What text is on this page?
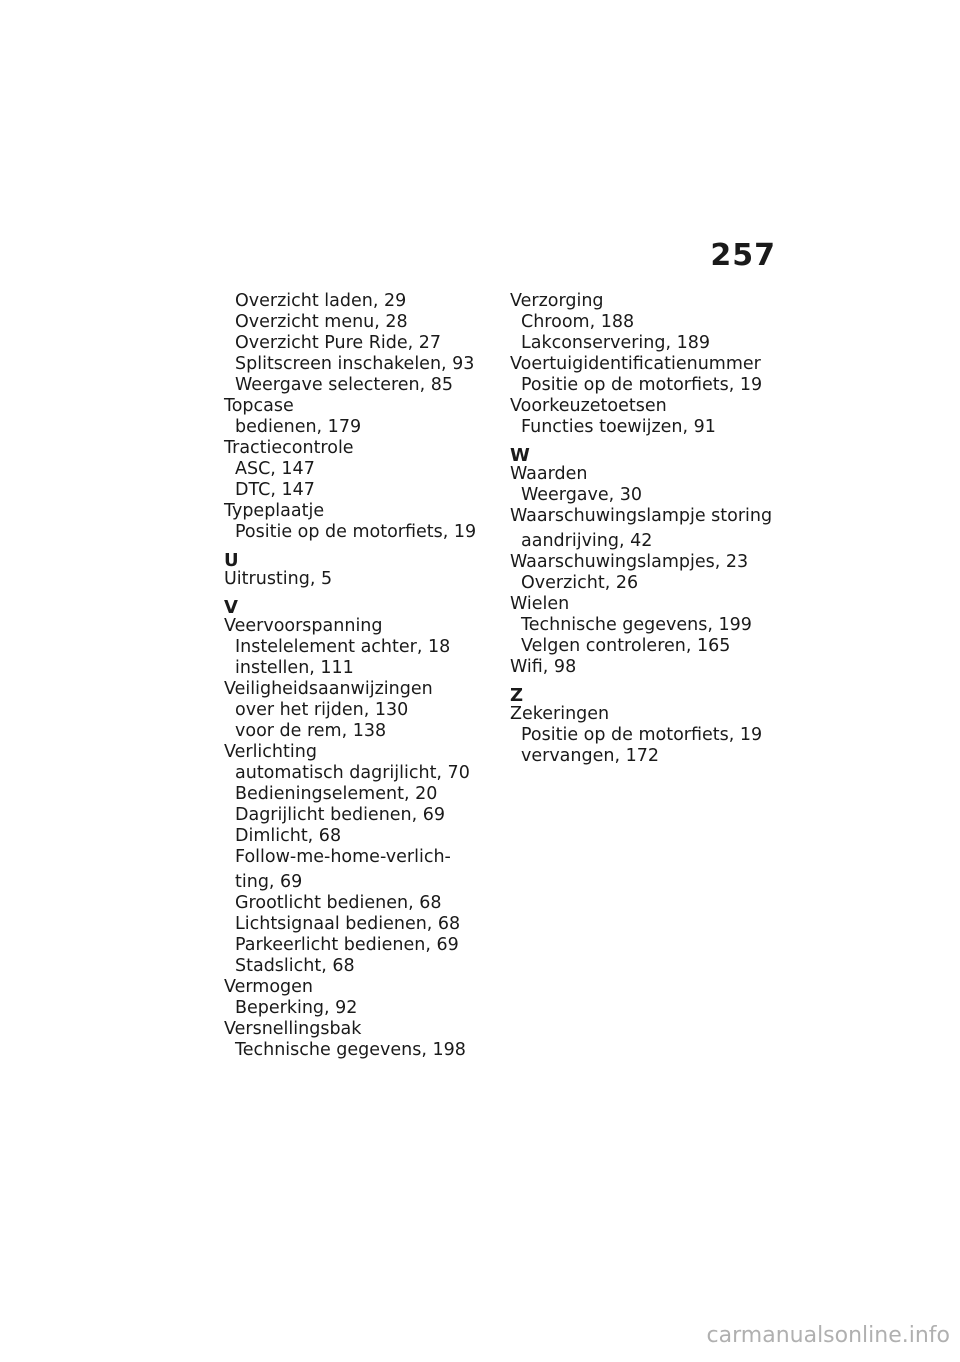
257
Overzicht laden, 29
Overzicht menu, 28
Overzicht Pure Ride, 27
Splitscreen inschakelen, 93
Weergave selecteren, 85
Topcase
bedienen, 179
Tractiecontrole
ASC, 147
DTC, 147
Typeplaatje
Positie op de motorfiets, 19
U
Uitrusting, 5
V
Veervoorspanning
Instelelement achter, 18
instellen, 111
Veiligheidsaanwijzingen
over het rijden, 130
voor de rem, 138
Verlichting
automatisch dagrijlicht, 70
Bedieningselement, 20
Dagrijlicht bedienen, 69
Dimlicht, 68
Follow-me-home-verlich-
ting, 69
Grootlicht bedienen, 68
Lichtsignaal bedienen, 68
Parkeerlicht bedienen, 69
Stadslicht, 68
Vermogen
Beperking, 92
Versnellingsbak
Technische gegevens, 198
Verzorging
Chroom, 188
Lakconservering, 189
Voertuigidentificatienummer
Positie op de motorfiets, 19
Voorkeuzetoetsen
Functies toewijzen, 91
W
Waarden
Weergave, 30
Waarschuwingslampje storing
aandrijving, 42
Waarschuwingslampjes, 23
Overzicht, 26
Wielen
Technische gegevens, 199
Velgen controleren, 165
Wifi, 98
Z
Zekeringen
Positie op de motorfiets, 19
vervangen, 172
carmanualsonline.info
